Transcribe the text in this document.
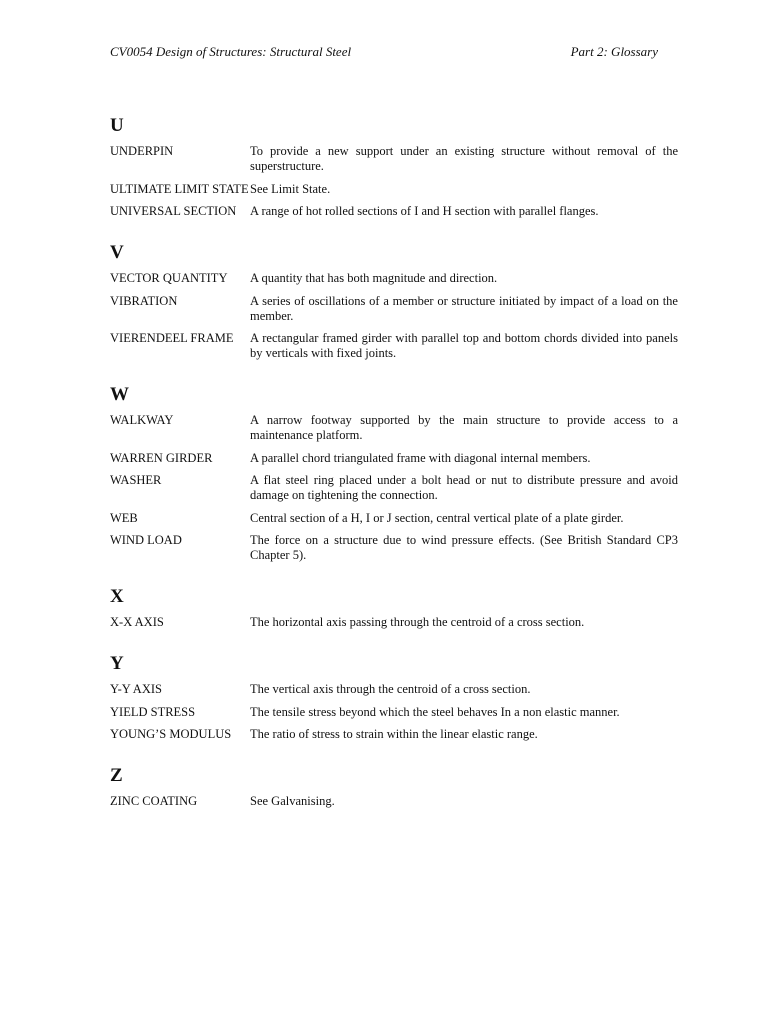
CV0054 Design of Structures: Structural Steel	Part 2: Glossary
U
UNDERPIN	To provide a new support under an existing structure without removal of the superstructure.
ULTIMATE LIMIT STATE See Limit State.
UNIVERSAL SECTION	A range of hot rolled sections of I and H section with parallel flanges.
V
VECTOR QUANTITY	A quantity that has both magnitude and direction.
VIBRATION	A series of oscillations of a member or structure initiated by impact of a load on the member.
VIERENDEEL FRAME	A rectangular framed girder with parallel top and bottom chords divided into panels by verticals with fixed joints.
W
WALKWAY	A narrow footway supported by the main structure to provide access to a maintenance platform.
WARREN GIRDER	A parallel chord triangulated frame with diagonal internal members.
WASHER	A flat steel ring placed under a bolt head or nut to distribute pressure and avoid damage on tightening the connection.
WEB	Central section of a H, I or J section, central vertical plate of a plate girder.
WIND LOAD	The force on a structure due to wind pressure effects. (See British Standard CP3 Chapter 5).
X
X-X AXIS	The horizontal axis passing through the centroid of a cross section.
Y
Y-Y AXIS	The vertical axis through the centroid of a cross section.
YIELD STRESS	The tensile stress beyond which the steel behaves In a non elastic manner.
YOUNG’S MODULUS	The ratio of stress to strain within the linear elastic range.
Z
ZINC COATING	See Galvanising.
